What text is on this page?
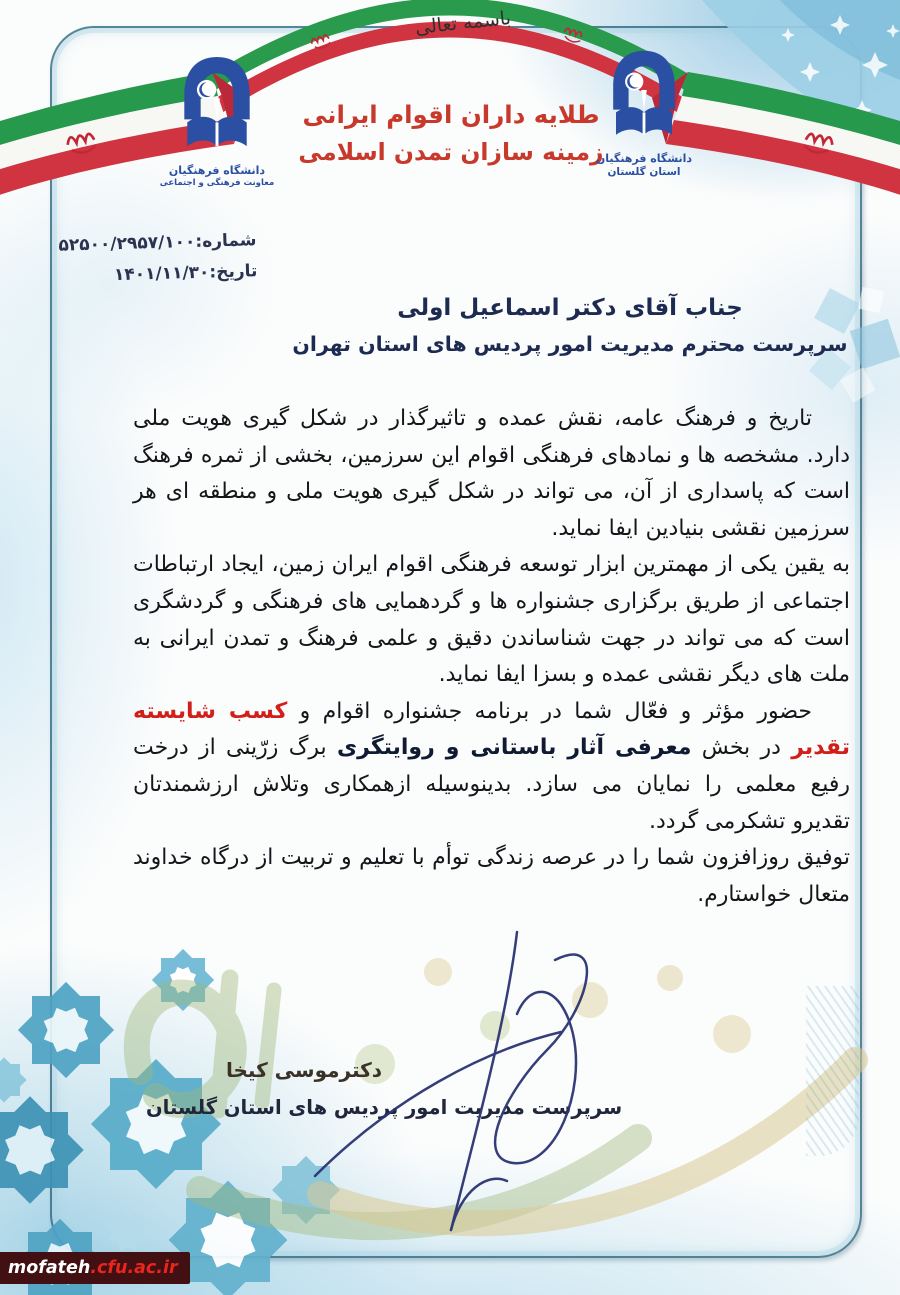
باسمه تعالی
طلایه داران اقوام ایرانی
زمینه سازان تمدن اسلامی
دانشگاه فرهنگیان
معاونت فرهنگی و اجتماعی
دانشگاه فرهنگیان
استان گلستان
شماره:۵۲۵۰۰/۲۹۵۷/۱۰۰
تاریخ:۱۴۰۱/۱۱/۳۰
جناب آقای دکتر اسماعیل اولی
سرپرست محترم مدیریت امور پردیس های استان تهران

تاریخ و فرهنگ عامه، نقش عمده و تاثیرگذار در شکل گیری هویت ملی دارد. مشخصه ها و نمادهای فرهنگی اقوام این سرزمین، بخشی از ثمره فرهنگ است که پاسداری از آن، می تواند در شکل گیری هویت ملی و منطقه ای هر سرزمین نقشی بنیادین ایفا نماید.

به یقین یکی از مهمترین ابزار توسعه فرهنگی اقوام ایران زمین، ایجاد ارتباطات اجتماعی از طریق برگزاری جشنواره ها و گردهمایی های فرهنگی و گردشگری است که می تواند در جهت شناساندن دقیق و علمی فرهنگ و تمدن ایرانی به ملت های دیگر نقشی عمده و بسزا ایفا نماید.

حضور مؤثر و فعّال شما در برنامه جشنواره اقوام و کسب شایسته تقدیر در بخش معرفی آثار باستانی و روایتگری برگ زرّینی از درخت رفیع معلمی را نمایان می سازد. بدینوسیله ازهمکاری وتلاش ارزشمندتان تقدیرو تشکرمی گردد.

توفیق روزافزون شما را در عرصه زندگی توأم با تعلیم و تربیت از درگاه خداوند متعال خواستارم.

دکترموسی کیخا
سرپرست مدیریت امور پردیس های استان گلستان
mofateh .cfu.ac.ir
